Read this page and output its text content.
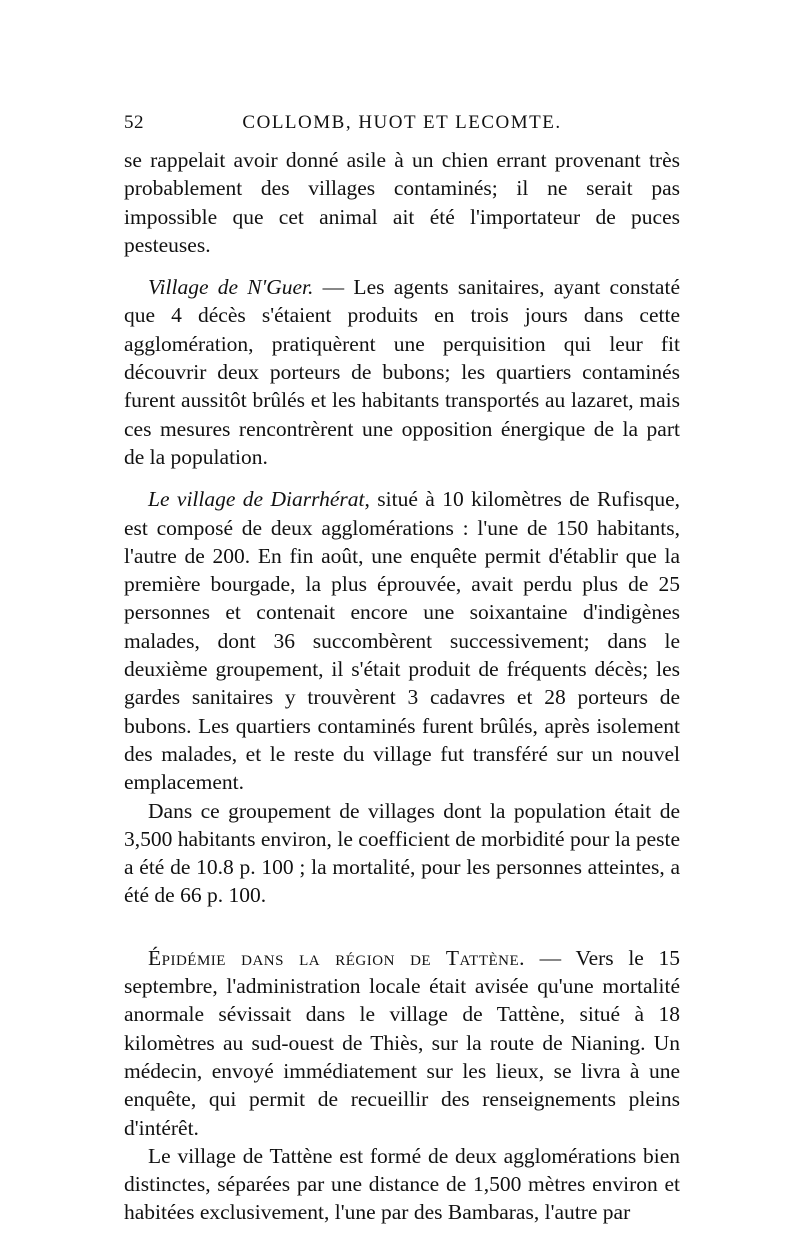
52	COLLOMB, HUOT ET LECOMTE.

se rappelait avoir donné asile à un chien errant provenant très probablement des villages contaminés; il ne serait pas impossible que cet animal ait été l'importateur de puces pesteuses.

Village de N'Guer. — Les agents sanitaires, ayant constaté que 4 décès s'étaient produits en trois jours dans cette agglomération, pratiquèrent une perquisition qui leur fit découvrir deux porteurs de bubons; les quartiers contaminés furent aussitôt brûlés et les habitants transportés au lazaret, mais ces mesures rencontrèrent une opposition énergique de la part de la population.

Le village de Diarrhérat, situé à 10 kilomètres de Rufisque, est composé de deux agglomérations : l'une de 150 habitants, l'autre de 200. En fin août, une enquête permit d'établir que la première bourgade, la plus éprouvée, avait perdu plus de 25 personnes et contenait encore une soixantaine d'indigènes malades, dont 36 succombèrent successivement; dans le deuxième groupement, il s'était produit de fréquents décès; les gardes sanitaires y trouvèrent 3 cadavres et 28 porteurs de bubons. Les quartiers contaminés furent brûlés, après isolement des malades, et le reste du village fut transféré sur un nouvel emplacement.

Dans ce groupement de villages dont la population était de 3,500 habitants environ, le coefficient de morbidité pour la peste a été de 10.8 p. 100 ; la mortalité, pour les personnes atteintes, a été de 66 p. 100.

Épidémie dans la région de Tattène. — Vers le 15 septembre, l'administration locale était avisée qu'une mortalité anormale sévissait dans le village de Tattène, situé à 18 kilomètres au sud-ouest de Thiès, sur la route de Nianing. Un médecin, envoyé immédiatement sur les lieux, se livra à une enquête, qui permit de recueillir des renseignements pleins d'intérêt.

Le village de Tattène est formé de deux agglomérations bien distinctes, séparées par une distance de 1,500 mètres environ et habitées exclusivement, l'une par des Bambaras, l'autre par
